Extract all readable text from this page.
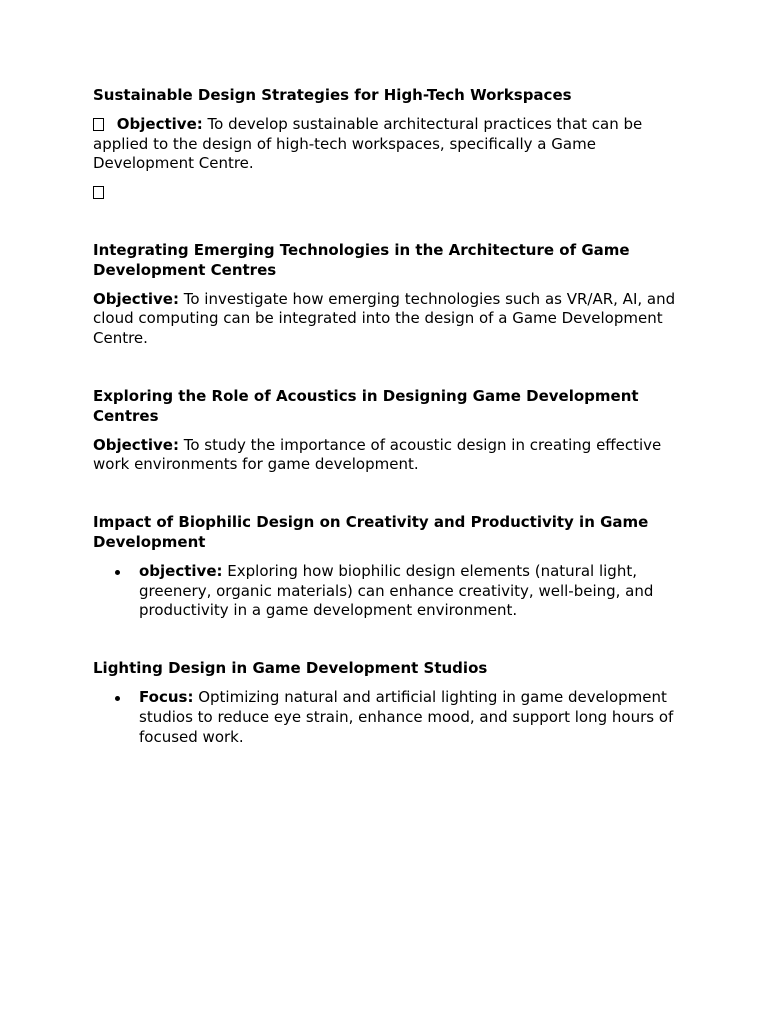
Sustainable Design Strategies for High-Tech Workspaces

Objective: To develop sustainable architectural practices that can be applied to the design of high-tech workspaces, specifically a Game Development Centre.

Integrating Emerging Technologies in the Architecture of Game Development Centres

Objective: To investigate how emerging technologies such as VR/AR, AI, and cloud computing can be integrated into the design of a Game Development Centre.

Exploring the Role of Acoustics in Designing Game Development Centres

Objective: To study the importance of acoustic design in creating effective work environments for game development.

Impact of Biophilic Design on Creativity and Productivity in Game Development

objective: Exploring how biophilic design elements (natural light, greenery, organic materials) can enhance creativity, well-being, and productivity in a game development environment.

Lighting Design in Game Development Studios

Focus: Optimizing natural and artificial lighting in game development studios to reduce eye strain, enhance mood, and support long hours of focused work.
